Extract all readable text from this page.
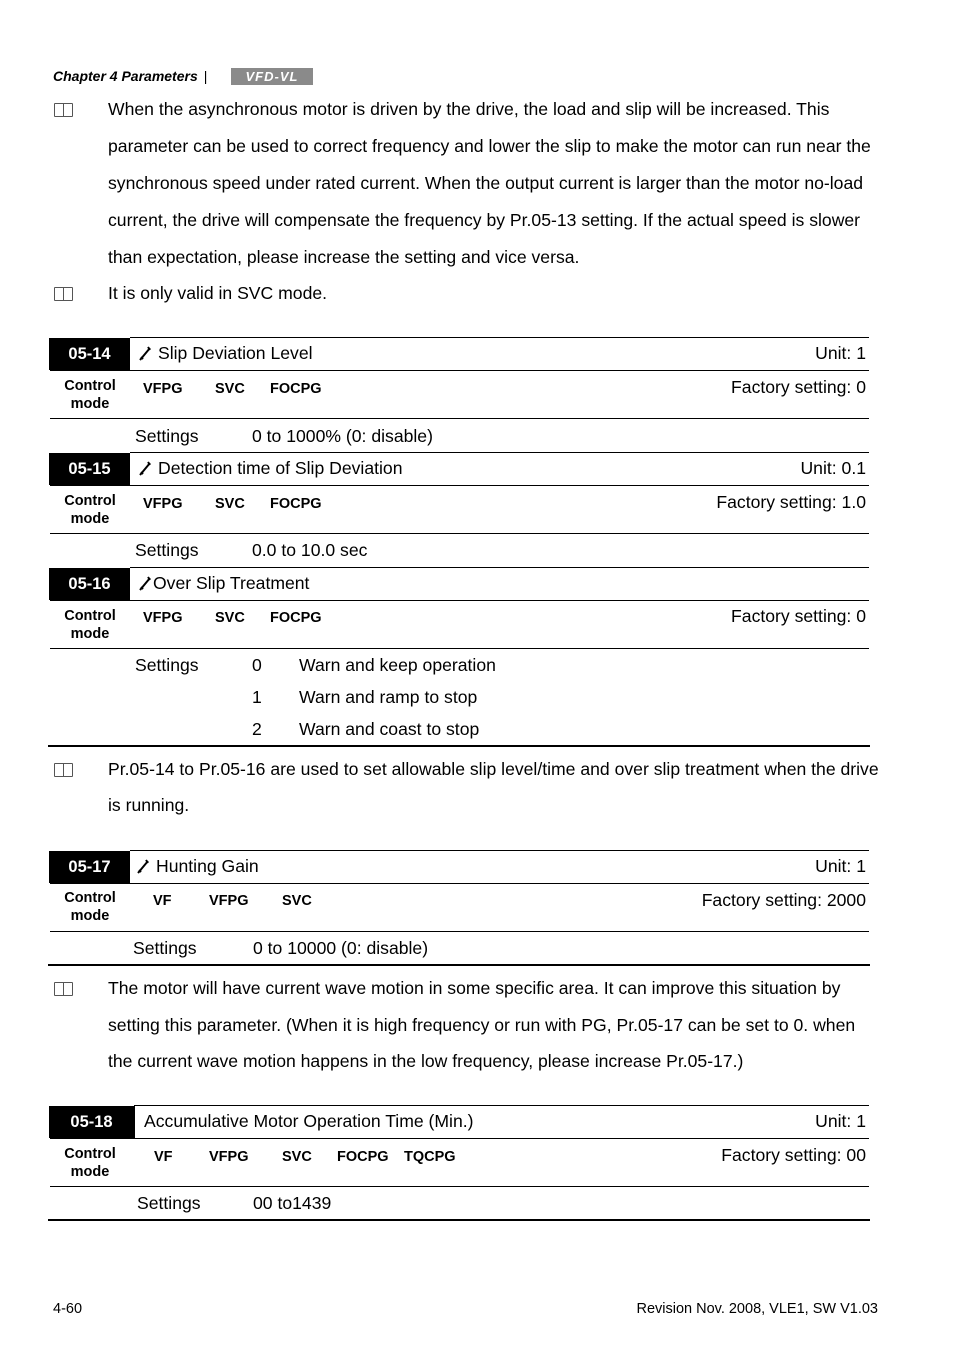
Chapter 4 Parameters |	VFD-VL
When the asynchronous motor is driven by the drive, the load and slip will be increased. This parameter can be used to correct frequency and lower the slip to make the motor can run near the synchronous speed under rated current. When the output current is larger than the motor no-load current, the drive will compensate the frequency by Pr.05-13 setting. If the actual speed is slower than expectation, please increase the setting and vice versa.
It is only valid in SVC mode.
05-14	Slip Deviation Level	Unit: 1
Control
mode
VFPG SVC FOCPG	Factory setting: 0
Settings	0 to 1000% (0: disable)
05-15	Detection time of Slip Deviation	Unit: 0.1
Control
mode
VFPG SVC FOCPG	Factory setting: 1.0
Settings	0.0 to 10.0 sec
05-16	Over Slip Treatment
Control
mode
VFPG SVC FOCPG	Factory setting: 0
Settings	0 Warn and keep operation
1 Warn and ramp to stop
2 Warn and coast to stop
Pr.05-14 to Pr.05-16 are used to set allowable slip level/time and over slip treatment when the drive is running.
05-17	Hunting Gain	Unit: 1
Control
mode
VF	VFPG SVC	Factory setting: 2000
Settings	0 to 10000 (0: disable)
The motor will have current wave motion in some specific area. It can improve this situation by setting this parameter. (When it is high frequency or run with PG, Pr.05-17 can be set to 0. when the current wave motion happens in the low frequency, please increase Pr.05-17.)
05-18	Accumulative Motor Operation Time (Min.)	Unit: 1
Control
mode
VF	VFPG SVC FOCPG TQCPG	Factory setting: 00
Settings	00 to1439
4-60	Revision Nov. 2008, VLE1, SW V1.03
